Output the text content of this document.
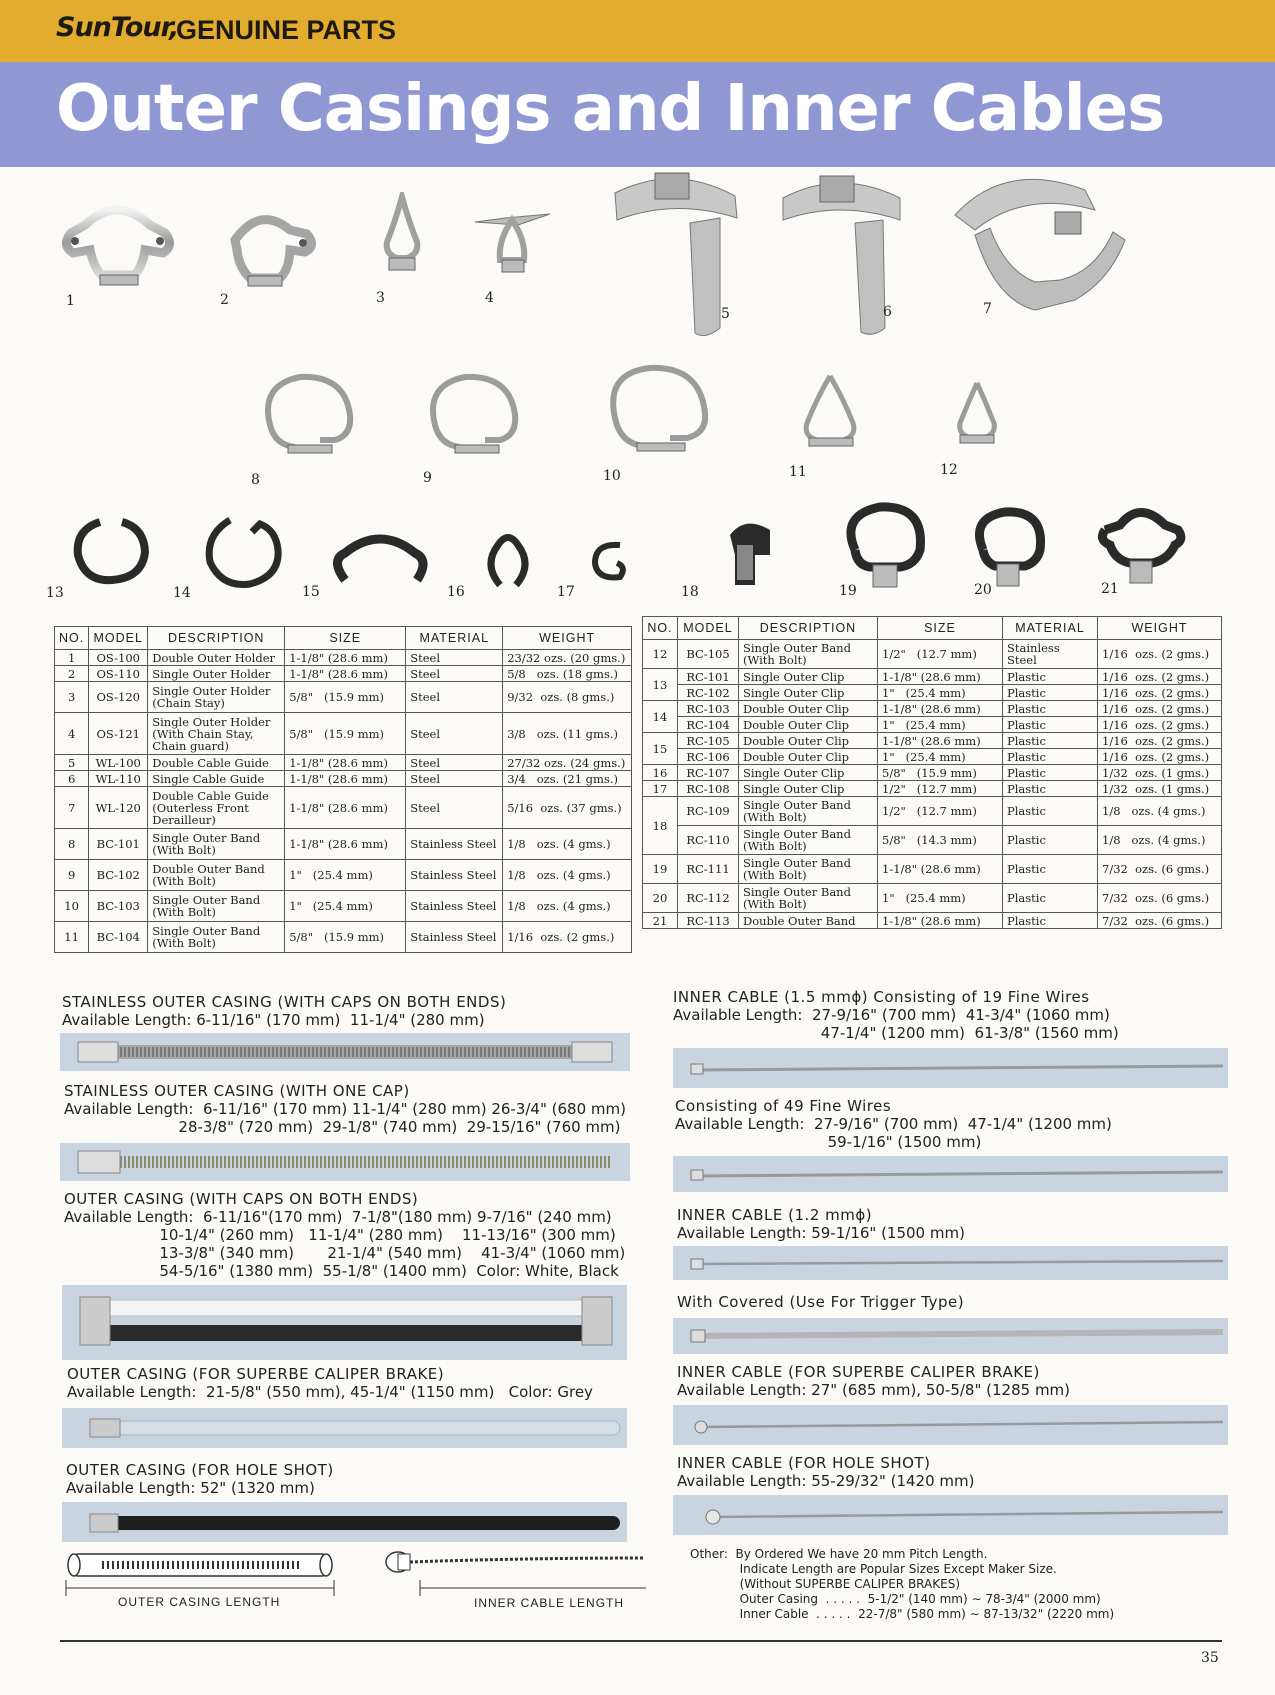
SunTour,
GENUINE PARTS
Outer Casings and Inner Cables
1	2	3	4
5	6	7
8	9	10	11	12
13	14	15	16	17	18	19	20	21
NO.	MODEL	DESCRIPTION	SIZE	MATERIAL	WEIGHT
1	OS-100	Double Outer Holder	1-1/8" (28.6 mm)	Steel	23/32 ozs. (20 gms.)
2	OS-110	Single Outer Holder	1-1/8" (28.6 mm)	Steel	5/8   ozs. (18 gms.)
3	OS-120	Single Outer Holder (Chain Stay)	5/8"   (15.9 mm)	Steel	9/32  ozs. (8 gms.)
4	OS-121	Single Outer Holder (With Chain Stay, Chain guard)	5/8"   (15.9 mm)	Steel	3/8   ozs. (11 gms.)
5	WL-100	Double Cable Guide	1-1/8" (28.6 mm)	Steel	27/32 ozs. (24 gms.)
6	WL-110	Single Cable Guide	1-1/8" (28.6 mm)	Steel	3/4   ozs. (21 gms.)
7	WL-120	Double Cable Guide (Outerless Front Derailleur)	1-1/8" (28.6 mm)	Steel	5/16  ozs. (37 gms.)
8	BC-101	Single Outer Band (With Bolt)	1-1/8" (28.6 mm)	Stainless Steel	1/8   ozs. (4 gms.)
9	BC-102	Double Outer Band (With Bolt)	1"   (25.4 mm)	Stainless Steel	1/8   ozs. (4 gms.)
10	BC-103	Single Outer Band (With Bolt)	1"   (25.4 mm)	Stainless Steel	1/8   ozs. (4 gms.)
11	BC-104	Single Outer Band (With Bolt)	5/8"   (15.9 mm)	Stainless Steel	1/16  ozs. (2 gms.)
NO.	MODEL	DESCRIPTION	SIZE	MATERIAL	WEIGHT
12	BC-105	Single Outer Band (With Bolt)	1/2"   (12.7 mm)	Stainless Steel	1/16  ozs. (2 gms.)
13	RC-101	Single Outer Clip	1-1/8" (28.6 mm)	Plastic	1/16  ozs. (2 gms.)
	RC-102	Single Outer Clip	1"   (25.4 mm)	Plastic	1/16  ozs. (2 gms.)
14	RC-103	Double Outer Clip	1-1/8" (28.6 mm)	Plastic	1/16  ozs. (2 gms.)
	RC-104	Double Outer Clip	1"   (25.4 mm)	Plastic	1/16  ozs. (2 gms.)
15	RC-105	Double Outer Clip	1-1/8" (28.6 mm)	Plastic	1/16  ozs. (2 gms.)
	RC-106	Double Outer Clip	1"   (25.4 mm)	Plastic	1/16  ozs. (2 gms.)
16	RC-107	Single Outer Clip	5/8"   (15.9 mm)	Plastic	1/32  ozs. (1 gms.)
17	RC-108	Single Outer Clip	1/2"   (12.7 mm)	Plastic	1/32  ozs. (1 gms.)
18	RC-109	Single Outer Band (With Bolt)	1/2"   (12.7 mm)	Plastic	1/8   ozs. (4 gms.)
	RC-110	Single Outer Band (With Bolt)	5/8"   (14.3 mm)	Plastic	1/8   ozs. (4 gms.)
19	RC-111	Single Outer Band (With Bolt)	1-1/8" (28.6 mm)	Plastic	7/32  ozs. (6 gms.)
20	RC-112	Single Outer Band (With Bolt)	1"   (25.4 mm)	Plastic	7/32  ozs. (6 gms.)
21	RC-113	Double Outer Band	1-1/8" (28.6 mm)	Plastic	7/32  ozs. (6 gms.)
STAINLESS OUTER CASING (WITH CAPS ON BOTH ENDS)
Available Length: 6-11/16" (170 mm)  11-1/4" (280 mm)
STAINLESS OUTER CASING (WITH ONE CAP)
Available Length:  6-11/16" (170 mm) 11-1/4" (280 mm) 26-3/4" (680 mm)
28-3/8" (720 mm)  29-1/8" (740 mm)  29-15/16" (760 mm)
OUTER CASING (WITH CAPS ON BOTH ENDS)
Available Length:  6-11/16"(170 mm)  7-1/8"(180 mm) 9-7/16" (240 mm)
10-1/4" (260 mm)   11-1/4" (280 mm)    11-13/16" (300 mm)
13-3/8" (340 mm)       21-1/4" (540 mm)    41-3/4" (1060 mm)
54-5/16" (1380 mm)  55-1/8" (1400 mm)  Color: White, Black
OUTER CASING (FOR SUPERBE CALIPER BRAKE)
Available Length:  21-5/8" (550 mm), 45-1/4" (1150 mm)   Color: Grey
OUTER CASING (FOR HOLE SHOT)
Available Length: 52" (1320 mm)
INNER CABLE (1.5 mmϕ) Consisting of 19 Fine Wires
Available Length:  27-9/16" (700 mm)  41-3/4" (1060 mm)
47-1/4" (1200 mm)  61-3/8" (1560 mm)
Consisting of 49 Fine Wires
Available Length:  27-9/16" (700 mm)  47-1/4" (1200 mm)
59-1/16" (1500 mm)
INNER CABLE (1.2 mmϕ)
Available Length: 59-1/16" (1500 mm)
With Covered (Use For Trigger Type)
INNER CABLE (FOR SUPERBE CALIPER BRAKE)
Available Length: 27" (685 mm), 50-5/8" (1285 mm)
INNER CABLE (FOR HOLE SHOT)
Available Length: 55-29/32" (1420 mm)
OUTER CASING LENGTH	INNER CABLE LENGTH
Other:  By Ordered We have 20 mm Pitch Length.
Indicate Length are Popular Sizes Except Maker Size.
(Without SUPERBE CALIPER BRAKES)
Outer Casing  . . . . .  5-1/2" (140 mm) ∼ 78-3/4" (2000 mm)
Inner Cable  . . . . .  22-7/8" (580 mm) ∼ 87-13/32" (2220 mm)
35
